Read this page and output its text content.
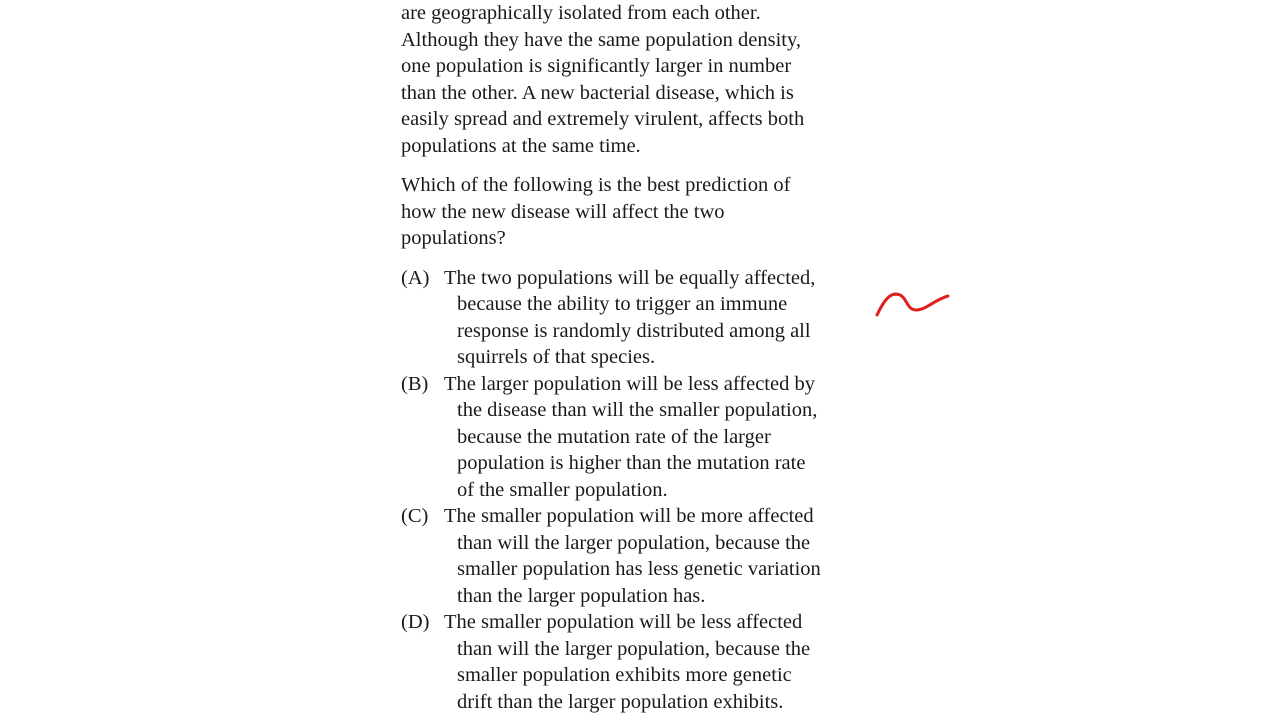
are geographically isolated from each other.
Although they have the same population density,
one population is significantly larger in number
than the other. A new bacterial disease, which is
easily spread and extremely virulent, affects both
populations at the same time.
Which of the following is the best prediction of
how the new disease will affect the two
populations?
(A) The two populations will be equally affected,
because the ability to trigger an immune
response is randomly distributed among all
squirrels of that species.
(B) The larger population will be less affected by
the disease than will the smaller population,
because the mutation rate of the larger
population is higher than the mutation rate
of the smaller population.
(C) The smaller population will be more affected
than will the larger population, because the
smaller population has less genetic variation
than the larger population has.
(D) The smaller population will be less affected
than will the larger population, because the
smaller population exhibits more genetic
drift than the larger population exhibits.
